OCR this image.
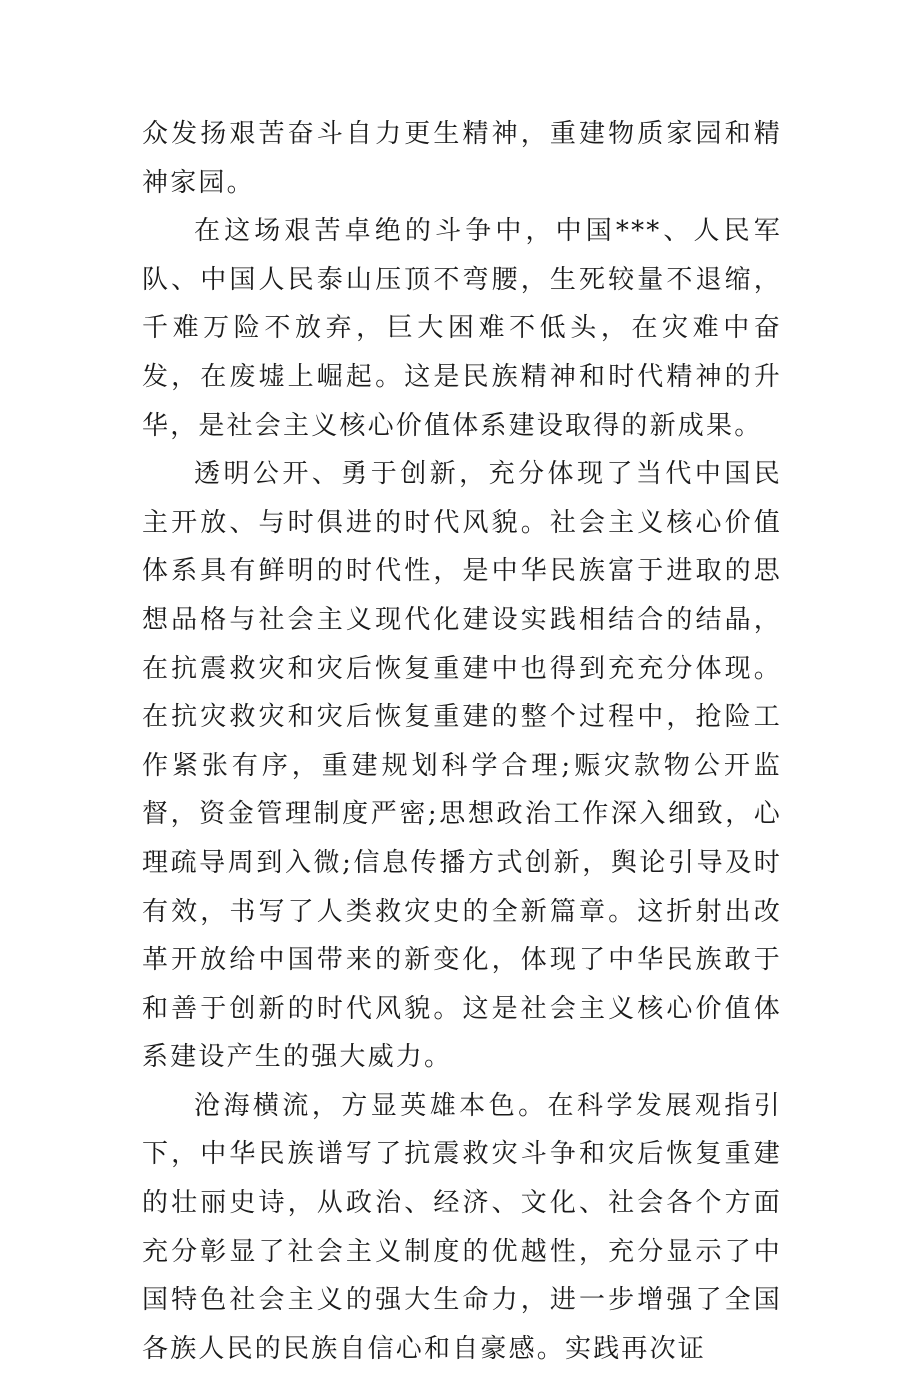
众发扬艰苦奋斗自力更生精神，重建物质家园和精神家园。

在这场艰苦卓绝的斗争中，中国***、人民军队、中国人民泰山压顶不弯腰，生死较量不退缩，千难万险不放弃，巨大困难不低头，在灾难中奋发，在废墟上崛起。这是民族精神和时代精神的升华，是社会主义核心价值体系建设取得的新成果。

透明公开、勇于创新，充分体现了当代中国民主开放、与时俱进的时代风貌。社会主义核心价值体系具有鲜明的时代性，是中华民族富于进取的思想品格与社会主义现代化建设实践相结合的结晶，在抗震救灾和灾后恢复重建中也得到充充分体现。在抗灾救灾和灾后恢复重建的整个过程中，抢险工作紧张有序，重建规划科学合理;赈灾款物公开监督，资金管理制度严密;思想政治工作深入细致，心理疏导周到入微;信息传播方式创新，舆论引导及时有效，书写了人类救灾史的全新篇章。这折射出改革开放给中国带来的新变化，体现了中华民族敢于和善于创新的时代风貌。这是社会主义核心价值体系建设产生的强大威力。

沧海横流，方显英雄本色。在科学发展观指引下，中华民族谱写了抗震救灾斗争和灾后恢复重建的壮丽史诗，从政治、经济、文化、社会各个方面充分彰显了社会主义制度的优越性，充分显示了中国特色社会主义的强大生命力，进一步增强了全国各族人民的民族自信心和自豪感。实践再次证
